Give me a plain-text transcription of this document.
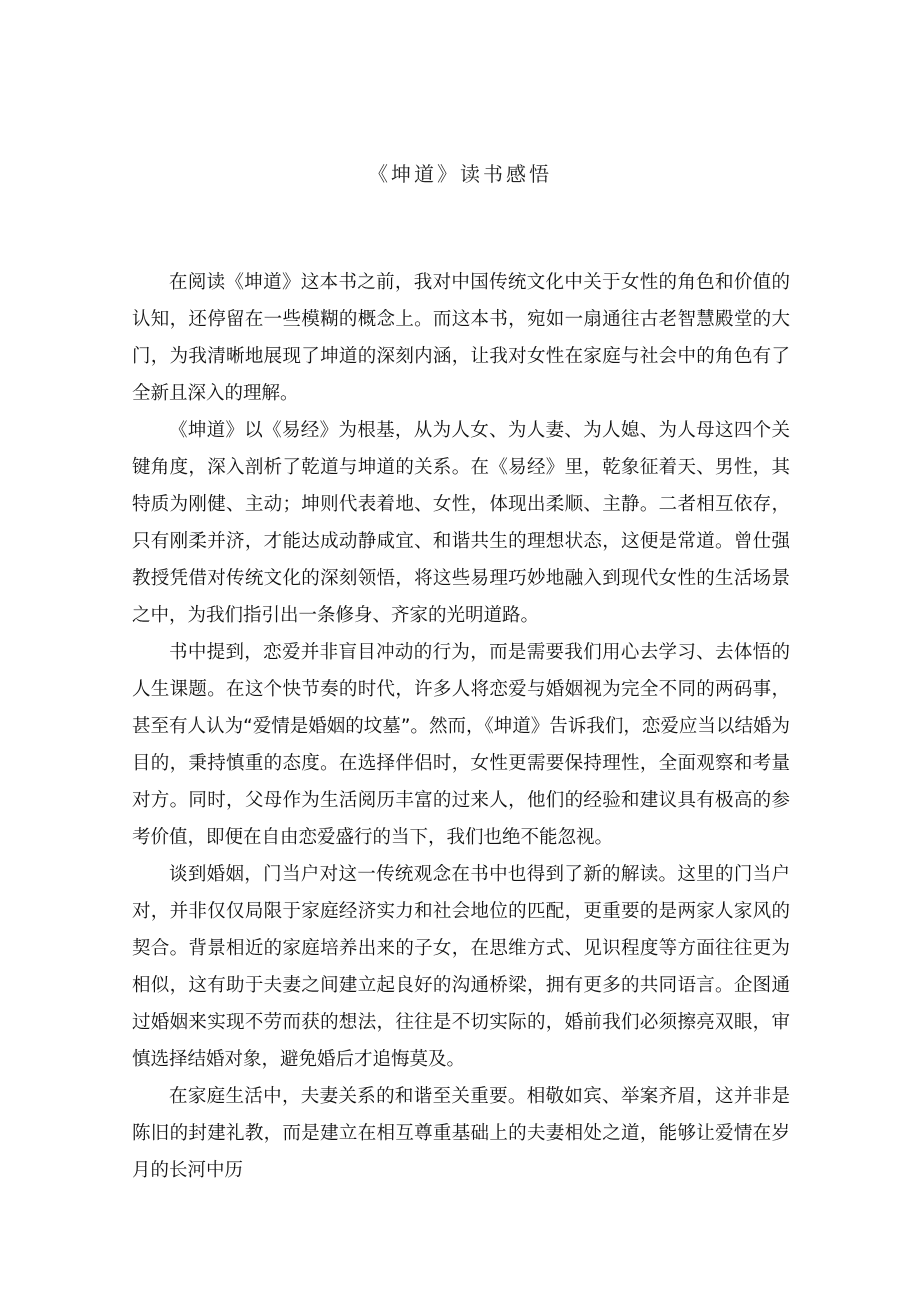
《坤道》读书感悟

在阅读《坤道》这本书之前，我对中国传统文化中关于女性的角色和价值的认知，还停留在一些模糊的概念上。而这本书，宛如一扇通往古老智慧殿堂的大门，为我清晰地展现了坤道的深刻内涵，让我对女性在家庭与社会中的角色有了全新且深入的理解。

《坤道》以《易经》为根基，从为人女、为人妻、为人媳、为人母这四个关键角度，深入剖析了乾道与坤道的关系。在《易经》里，乾象征着天、男性，其特质为刚健、主动；坤则代表着地、女性，体现出柔顺、主静。二者相互依存，只有刚柔并济，才能达成动静咸宜、和谐共生的理想状态，这便是常道。曾仕强教授凭借对传统文化的深刻领悟，将这些易理巧妙地融入到现代女性的生活场景之中，为我们指引出一条修身、齐家的光明道路。

书中提到，恋爱并非盲目冲动的行为，而是需要我们用心去学习、去体悟的人生课题。在这个快节奏的时代，许多人将恋爱与婚姻视为完全不同的两码事，甚至有人认为“爱情是婚姻的坟墓”。然而，《坤道》告诉我们，恋爱应当以结婚为目的，秉持慎重的态度。在选择伴侣时，女性更需要保持理性，全面观察和考量对方。同时，父母作为生活阅历丰富的过来人，他们的经验和建议具有极高的参考价值，即便在自由恋爱盛行的当下，我们也绝不能忽视。

谈到婚姻，门当户对这一传统观念在书中也得到了新的解读。这里的门当户对，并非仅仅局限于家庭经济实力和社会地位的匹配，更重要的是两家人家风的契合。背景相近的家庭培养出来的子女，在思维方式、见识程度等方面往往更为相似，这有助于夫妻之间建立起良好的沟通桥梁，拥有更多的共同语言。企图通过婚姻来实现不劳而获的想法，往往是不切实际的，婚前我们必须擦亮双眼，审慎选择结婚对象，避免婚后才追悔莫及。

在家庭生活中，夫妻关系的和谐至关重要。相敬如宾、举案齐眉，这并非是陈旧的封建礼教，而是建立在相互尊重基础上的夫妻相处之道，能够让爱情在岁月的长河中历
